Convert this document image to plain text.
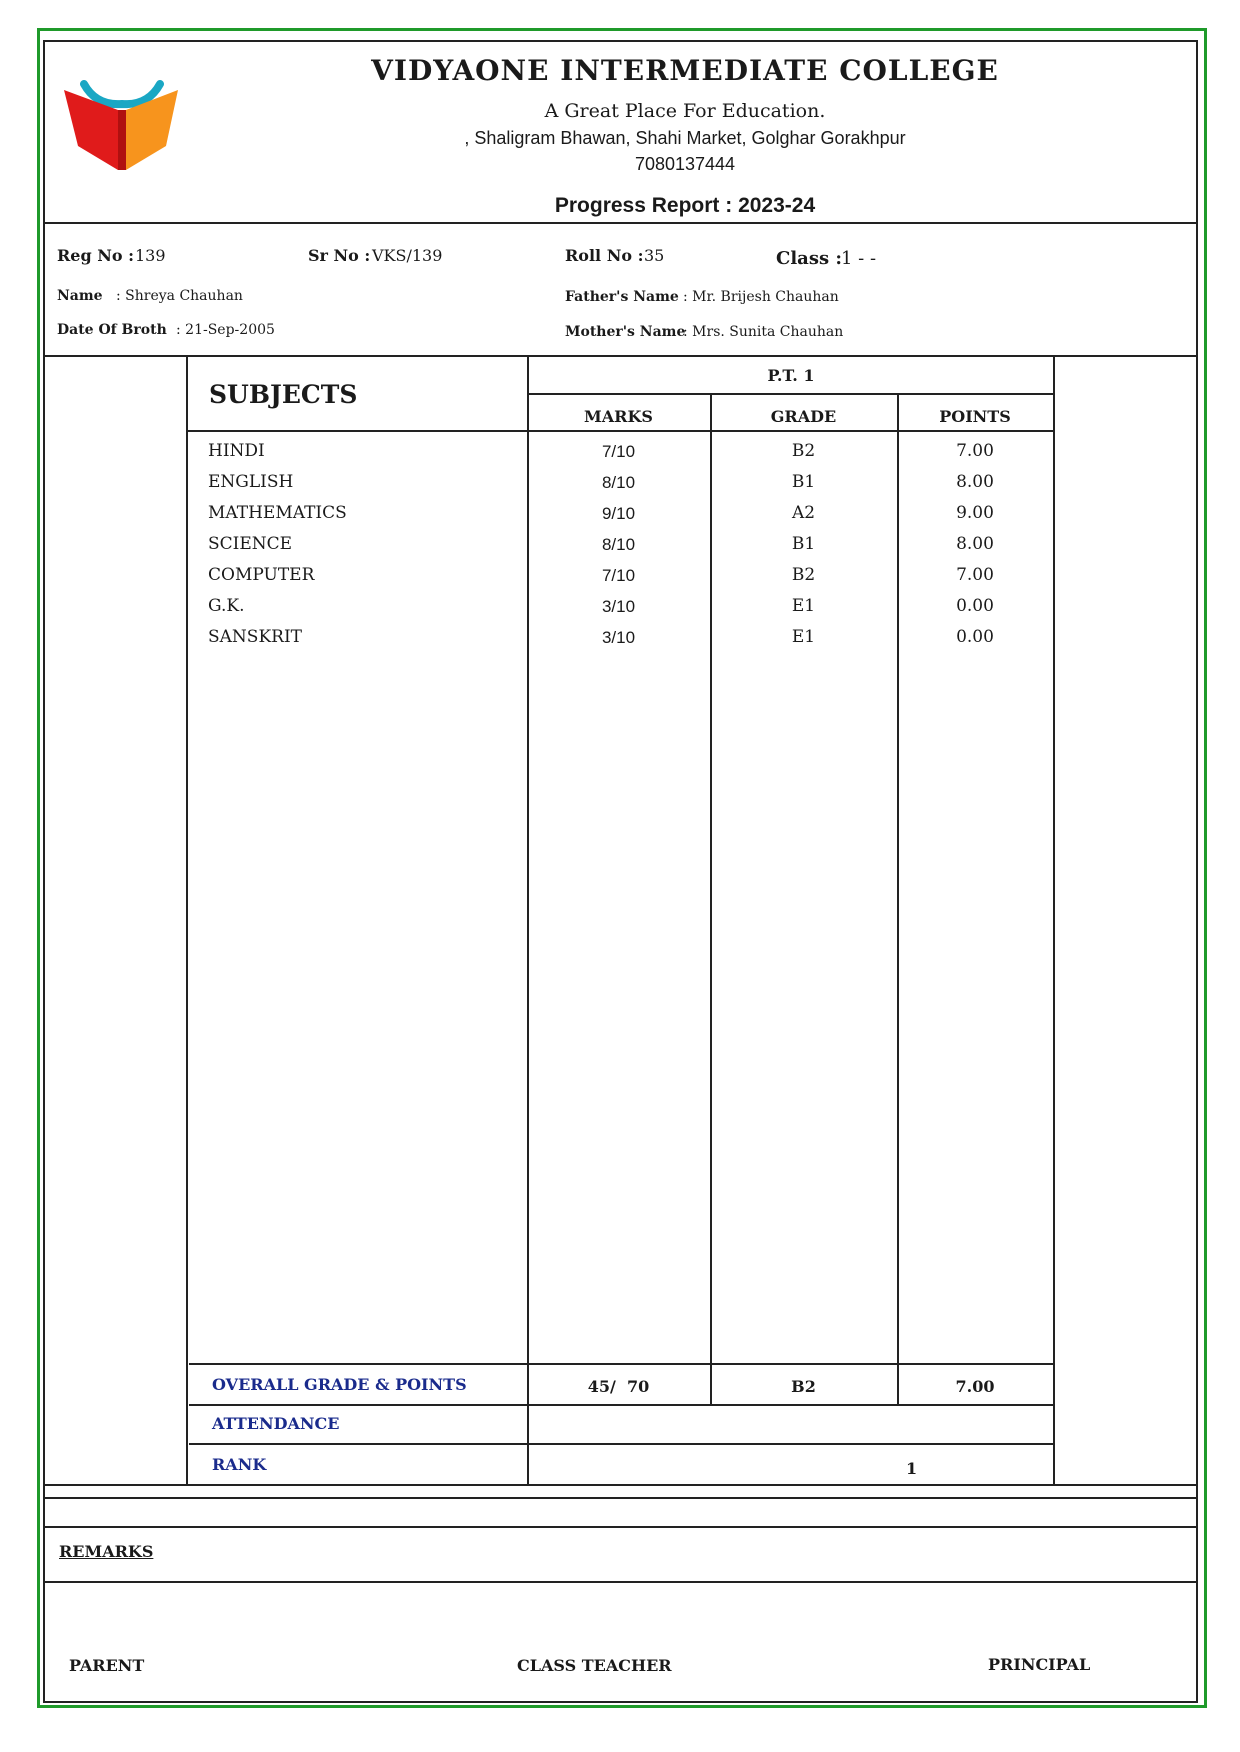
VIDYAONE INTERMEDIATE COLLEGE
A Great Place For Education.
, Shaligram Bhawan, Shahi Market, Golghar Gorakhpur
7080137444
Progress Report : 2023-24
Reg No : 139	Sr No : VKS/139	Roll No : 35	Class :
1 - -
Name : Shreya Chauhan
Date Of Broth : 21-Sep-2005
Father's Name : Mr. Brijesh Chauhan
Mother's Name
: Mrs. Sunita Chauhan
SUBJECTS
P.T. 1
MARKS	GRADE	POINTS
HINDI	7/10	B2	7.00
ENGLISH	8/10	B1	8.00
MATHEMATICS	9/10	A2	9.00
SCIENCE	8/10	B1	8.00
COMPUTER	7/10	B2	7.00
G.K.	3/10	E1	0.00
SANSKRIT	3/10	E1	0.00
OVERALL GRADE & POINTS	45/  70	B2	7.00
ATTENDANCE
RANK	1
REMARKS
PARENT	CLASS TEACHER	PRINCIPAL
